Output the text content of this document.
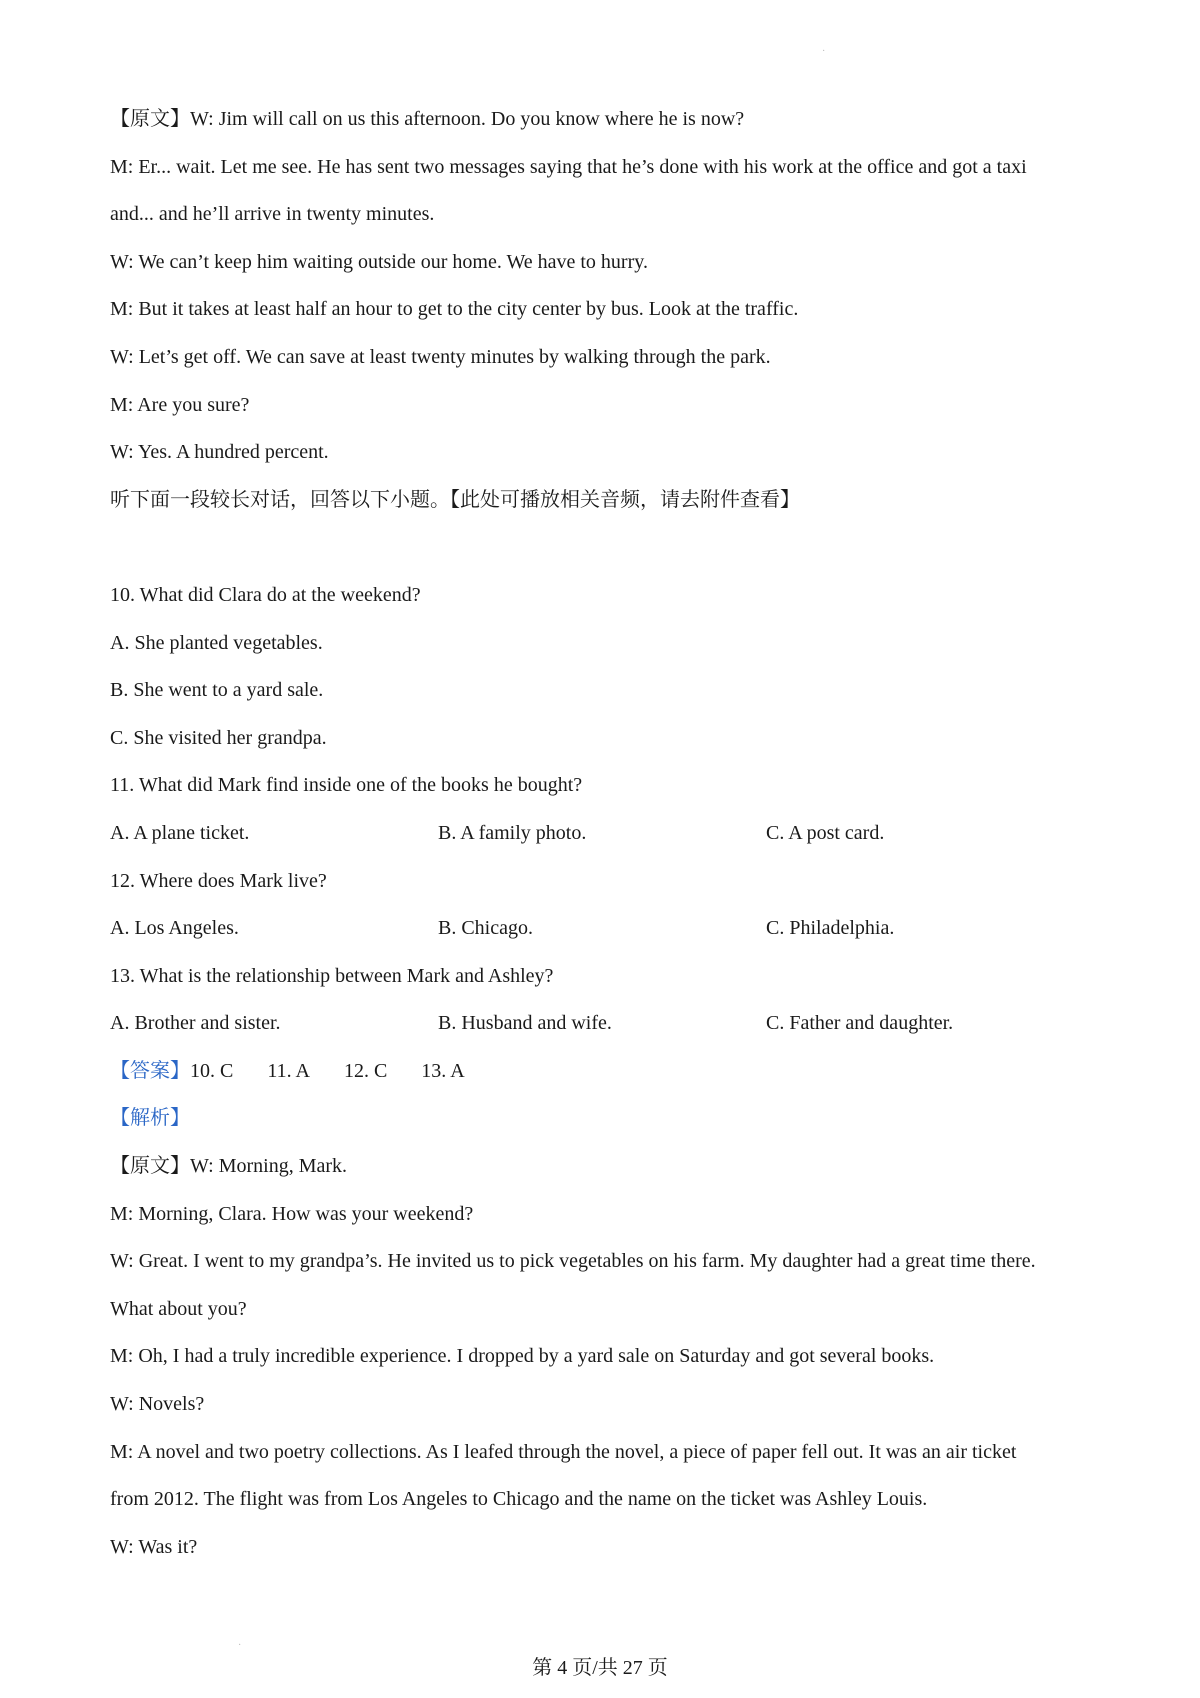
·
【原文】W: Jim will call on us this afternoon. Do you know where he is now?
M: Er... wait. Let me see. He has sent two messages saying that he’s done with his work at the office and got a taxi
and... and he’ll arrive in twenty minutes.
W: We can’t keep him waiting outside our home. We have to hurry.
M: But it takes at least half an hour to get to the city center by bus. Look at the traffic.
W: Let’s get off. We can save at least twenty minutes by walking through the park.
M: Are you sure?
W: Yes. A hundred percent.
听下面一段较长对话，回答以下小题。【此处可播放相关音频，请去附件查看】
10. What did Clara do at the weekend?
A. She planted vegetables.
B. She went to a yard sale.
C. She visited her grandpa.
11. What did Mark find inside one of the books he bought?
A. A plane ticket.	B. A family photo.	C. A post card.
12. Where does Mark live?
A. Los Angeles.	B. Chicago.	C. Philadelphia.
13. What is the relationship between Mark and Ashley?
A. Brother and sister.	B. Husband and wife.	C. Father and daughter.
【答案】10. C 11. A 12. C 13. A
【解析】
【原文】W: Morning, Mark.
M: Morning, Clara. How was your weekend?
W: Great. I went to my grandpa’s. He invited us to pick vegetables on his farm. My daughter had a great time there.
What about you?
M: Oh, I had a truly incredible experience. I dropped by a yard sale on Saturday and got several books.
W: Novels?
M: A novel and two poetry collections. As I leafed through the novel, a piece of paper fell out. It was an air ticket
from 2012. The flight was from Los Angeles to Chicago and the name on the ticket was Ashley Louis.
W: Was it?
·
第 4 页/共 27 页
